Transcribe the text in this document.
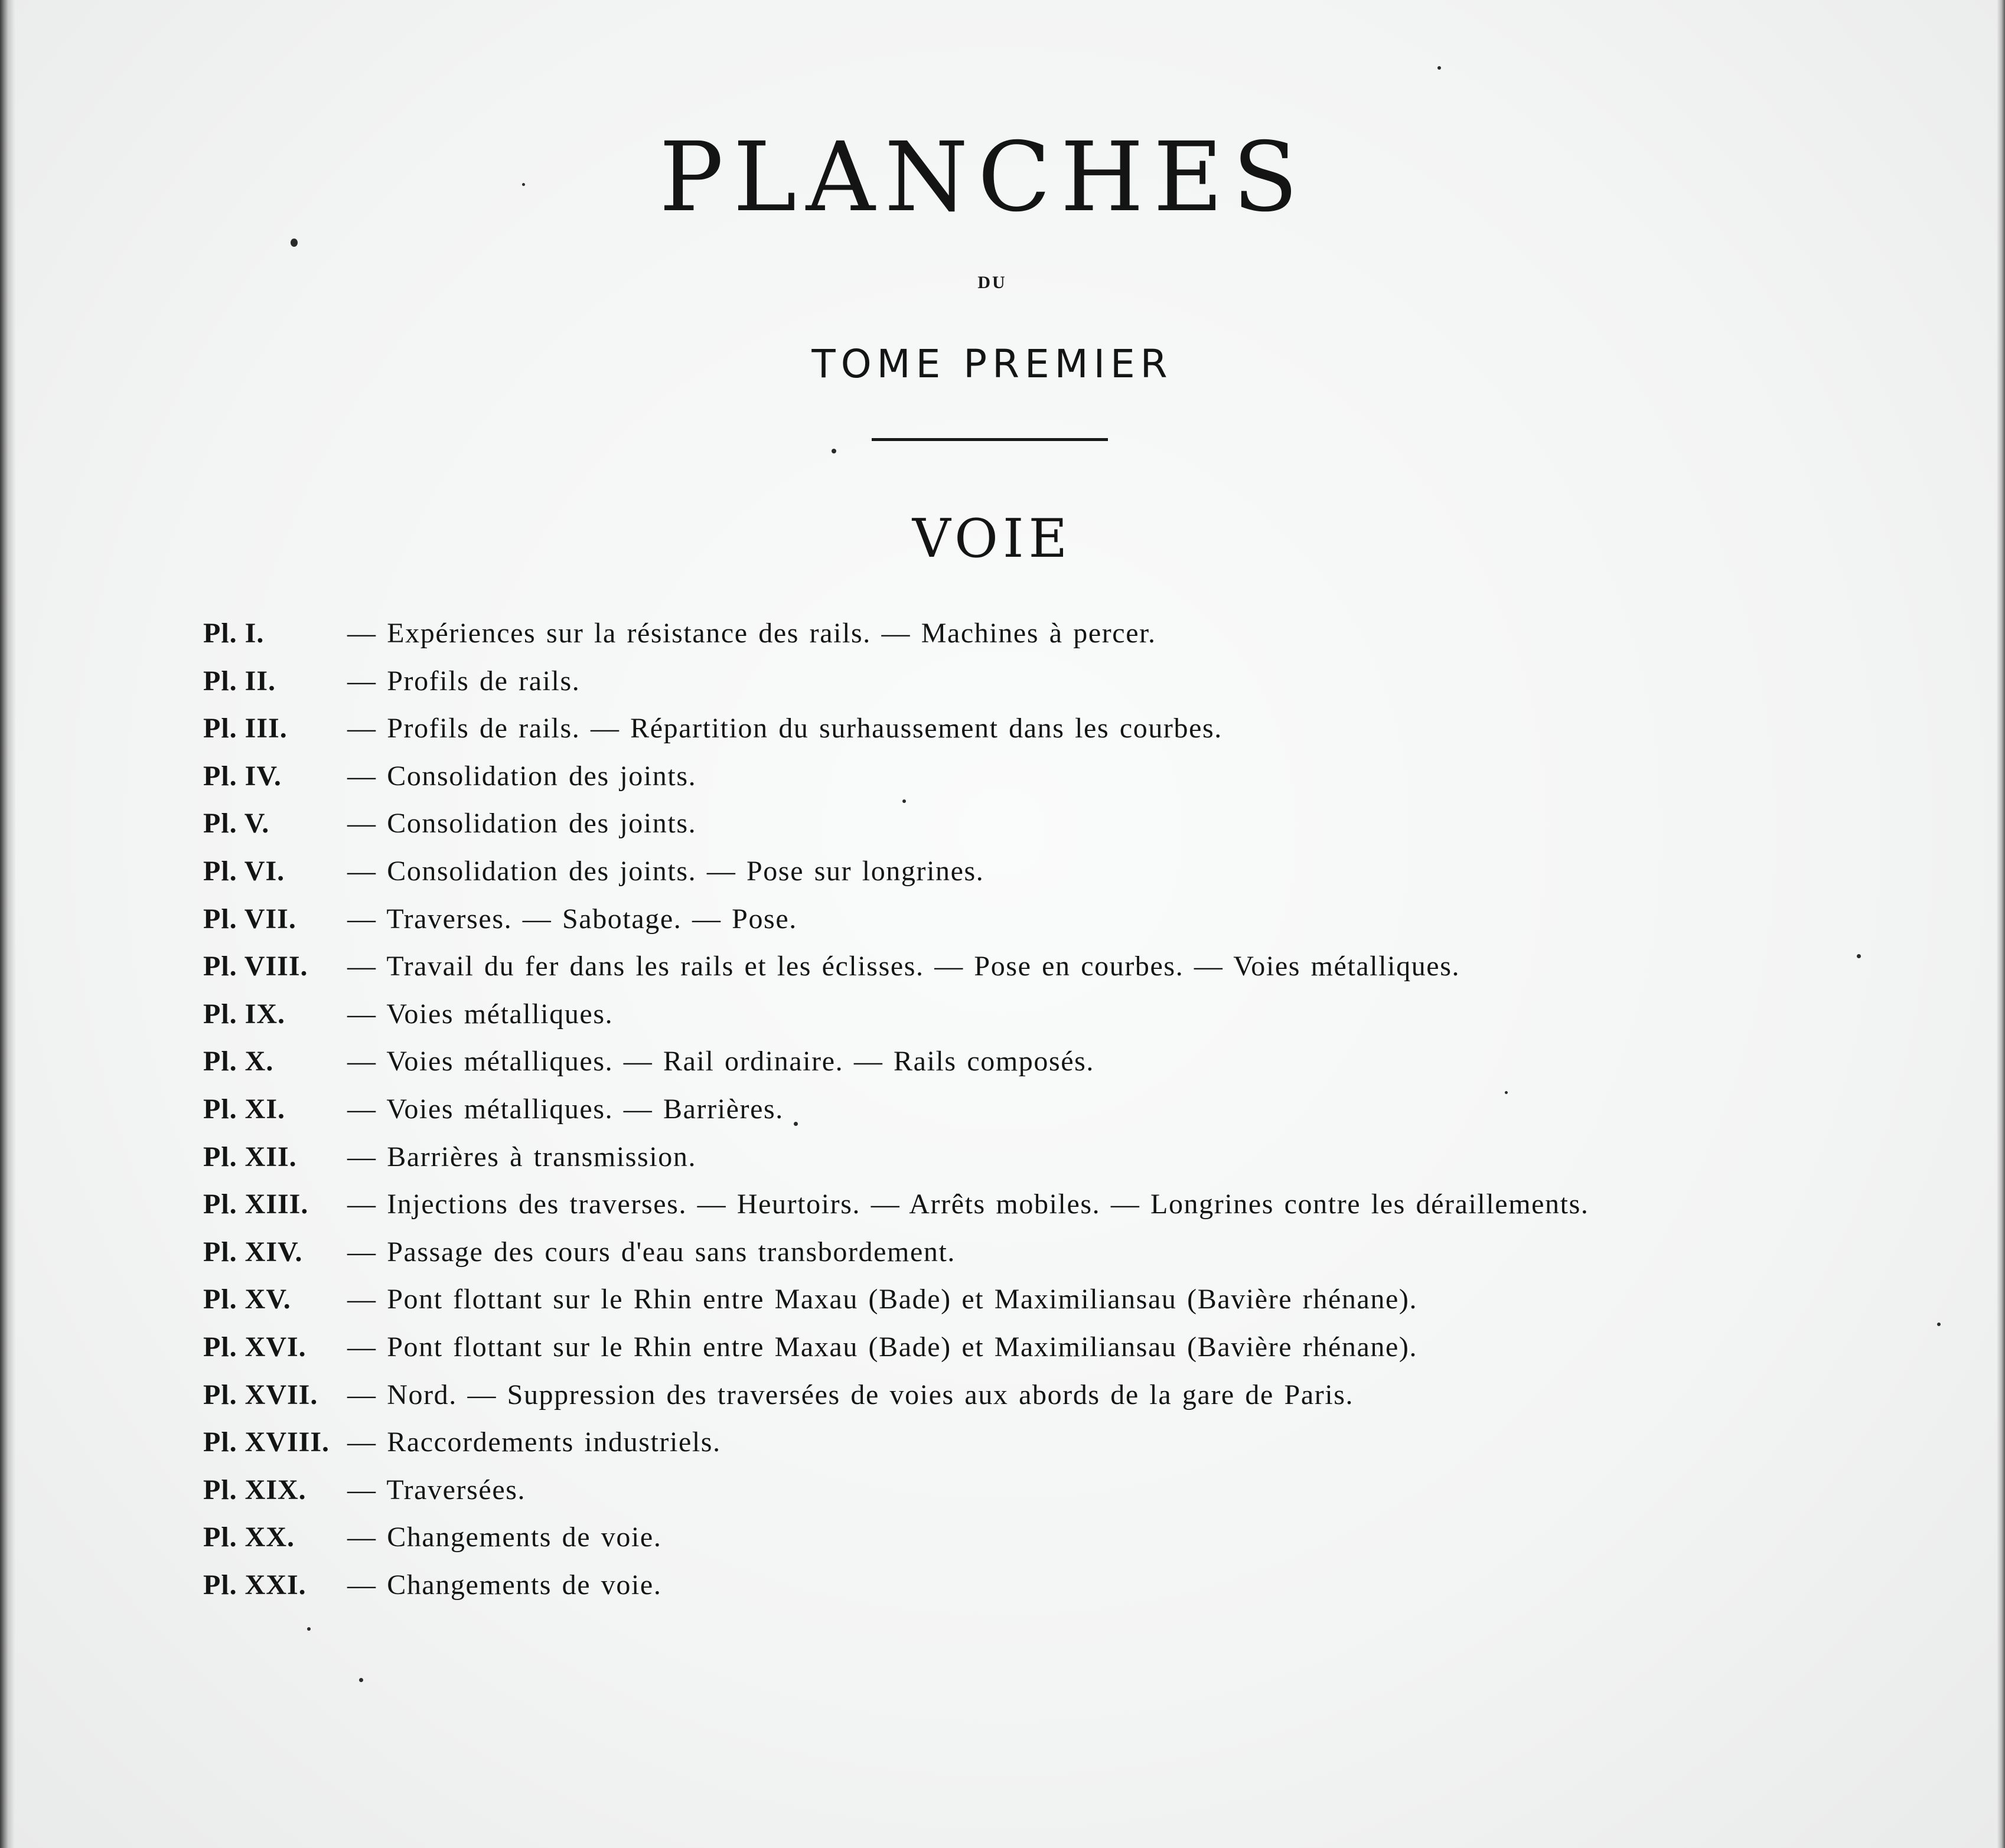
PLANCHES
DU
TOME PREMIER
VOIE
Pl. I.	— Expériences sur la résistance des rails. — Machines à percer.
Pl. II.	— Profils de rails.
Pl. III. — Profils de rails. — Répartition du surhaussement dans les courbes.
Pl. IV. — Consolidation des joints.
Pl. V.	— Consolidation des joints.
Pl. VI. — Consolidation des joints. — Pose sur longrines.
Pl. VII. — Traverses. — Sabotage. — Pose.
Pl. VIII. — Travail du fer dans les rails et les éclisses. — Pose en courbes. — Voies métalliques.
Pl. IX. — Voies métalliques.
Pl. X.	— Voies métalliques. — Rail ordinaire. — Rails composés.
Pl. XI. — Voies métalliques. — Barrières.
Pl. XII. — Barrières à transmission.
Pl. XIII. — Injections des traverses. — Heurtoirs. — Arrêts mobiles. — Longrines contre les déraillements.
Pl. XIV. — Passage des cours d'eau sans transbordement.
Pl. XV. — Pont flottant sur le Rhin entre Maxau (Bade) et Maximiliansau (Bavière rhénane).
Pl. XVI. — Pont flottant sur le Rhin entre Maxau (Bade) et Maximiliansau (Bavière rhénane).
Pl. XVII. — Nord. — Suppression des traversées de voies aux abords de la gare de Paris.
Pl. XVIII. — Raccordements industriels.
Pl. XIX. — Traversées.
Pl. XX. — Changements de voie.
Pl. XXI. — Changements de voie.
